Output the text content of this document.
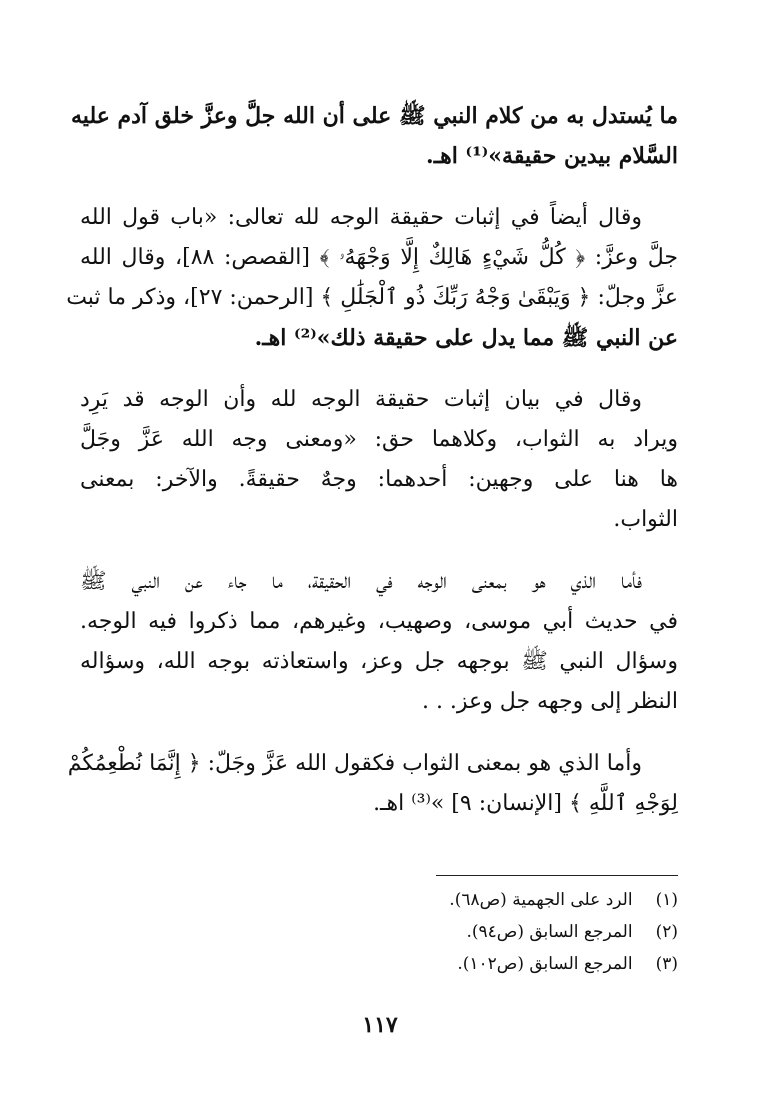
ما يُستدل به من كلام النبي ﷺ على أن الله جلَّ وعزَّ خلق آدم عليه
السَّلام بيدين حقيقة»⁽¹⁾ اهـ.
وقال أيضاً في إثبات حقيقة الوجه لله تعالى: «باب قول الله
جلَّ وعزَّ: ﴿ كُلُّ شَيْءٍ هَالِكٌ إِلَّا وَجْهَهُۥ ﴾ [القصص: ٨٨]، وقال الله
عزَّ وجلّ: ﴿ وَيَبْقَىٰ وَجْهُ رَبِّكَ ذُو ٱلْجَلَٰلِ ﴾ [الرحمن: ٢٧]، وذكر ما ثبت
عن النبي ﷺ مما يدل على حقيقة ذلك»⁽²⁾ اهـ.
وقال في بيان إثبات حقيقة الوجه لله وأن الوجه قد يَرِد
ويراد به الثواب، وكلاهما حق: «ومعنى وجه الله عَزَّ وجَلَّ
ها هنا على وجهين: أحدهما: وجهٌ حقيقةً. والآخر: بمعنى
الثواب.
فأما الذي هو بمعنى الوجه في الحقيقة، ما جاء عن النبي ﷺ
في حديث أبي موسى، وصهيب، وغيرهم، مما ذكروا فيه الوجه.
وسؤال النبي ﷺ بوجهه جل وعز، واستعاذته بوجه الله، وسؤاله
النظر إلى وجهه جل وعز. . .
وأما الذي هو بمعنى الثواب فكقول الله عَزَّ وجَلّ: ﴿ إِنَّمَا نُطْعِمُكُمْ
لِوَجْهِ ٱللَّهِ ﴾ [الإنسان: ٩] »⁽³⁾ اهـ.
(١) الرد على الجهمية (ص٦٨).
(٢) المرجع السابق (ص٩٤).
(٣) المرجع السابق (ص١٠٢).
١١٧
